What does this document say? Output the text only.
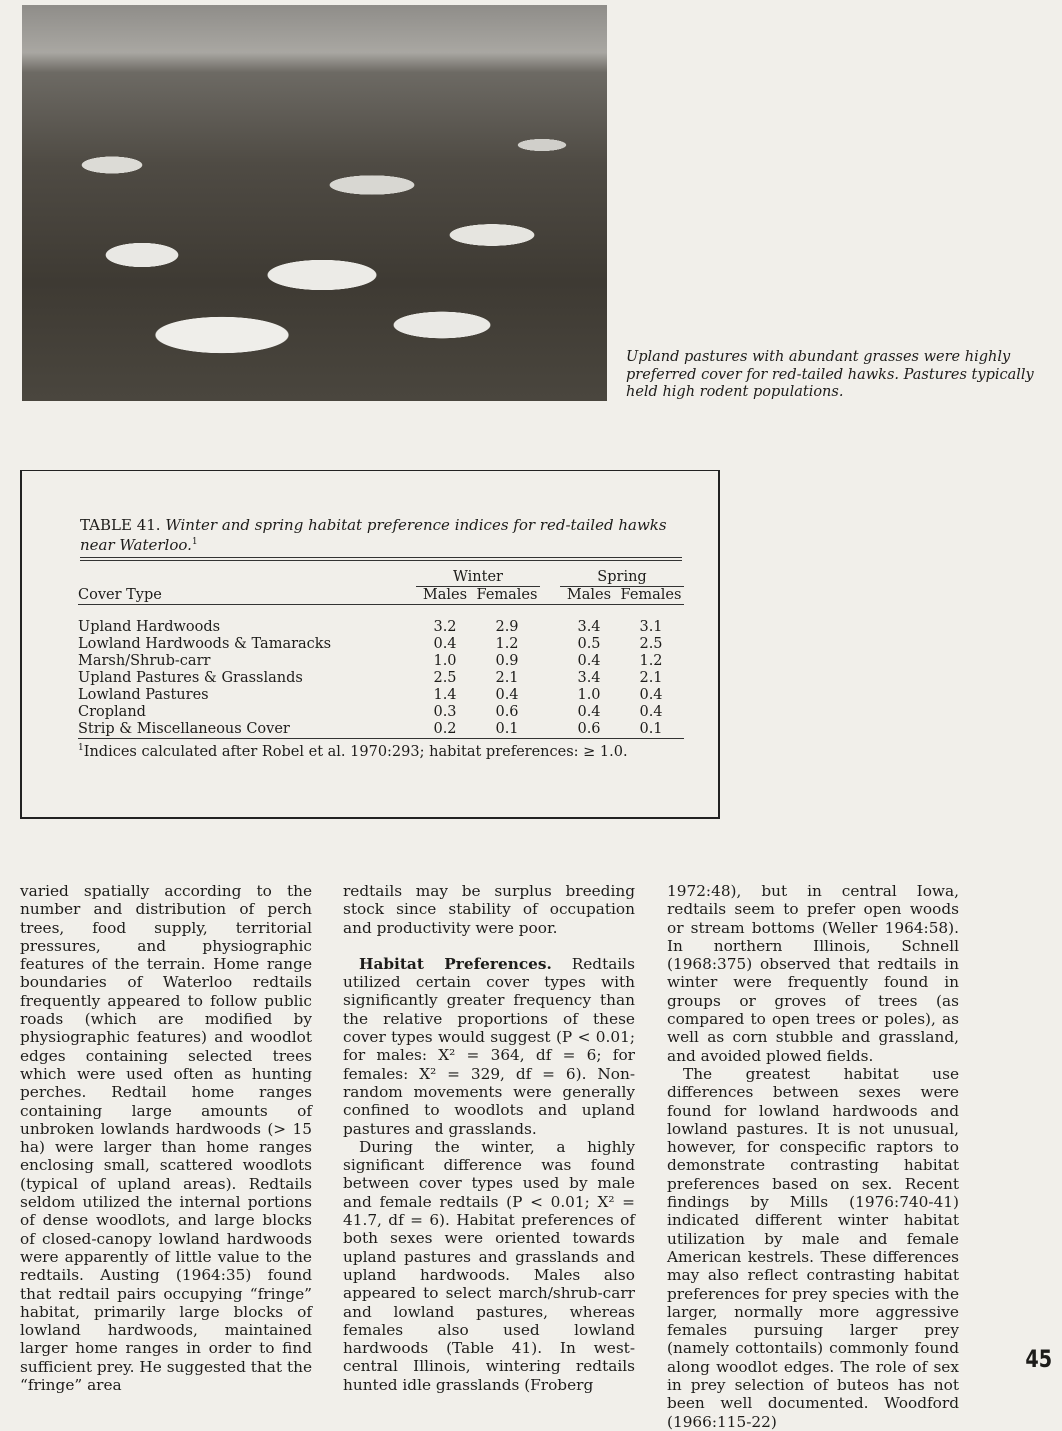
Upland pastures with abundant grasses were highly preferred cover for red-tailed hawks. Pastures typically held high rodent populations.
TABLE 41. Winter and spring habitat preference indices for red-tailed hawks near Waterloo.$^1$
	Winter			Spring	
Cover Type	Males	Females		Males	Females

Upland Hardwoods	3.2	2.9		3.4	3.1
Lowland Hardwoods & Tamaracks	0.4	1.2		0.5	2.5
Marsh/Shrub-carr	1.0	0.9		0.4	1.2
Upland Pastures & Grasslands	2.5	2.1		3.4	2.1
Lowland Pastures	1.4	0.4		1.0	0.4
Cropland	0.3	0.6		0.4	0.4
Strip & Miscellaneous Cover	0.2	0.1		0.6	0.1
$^1$Indices calculated after Robel et al. 1970:293; habitat preferences: ≥ 1.0.

varied spatially according to the number and distribution of perch trees, food supply, territorial pressures, and physiographic features of the terrain. Home range boundaries of Waterloo redtails frequently appeared to follow public roads (which are modified by physiographic features) and woodlot edges containing selected trees which were used often as hunting perches. Redtail home ranges containing large amounts of unbroken lowlands hardwoods (> 15 ha) were larger than home ranges enclosing small, scattered woodlots (typical of upland areas). Redtails seldom utilized the internal portions of dense woodlots, and large blocks of closed-canopy lowland hardwoods were apparently of little value to the redtails. Austing (1964:35) found that redtail pairs occupying “fringe” habitat, primarily large blocks of lowland hardwoods, maintained larger home ranges in order to find sufficient prey. He suggested that the “fringe” area

redtails may be surplus breeding stock since stability of occupation and productivity were poor.

Habitat Preferences. Redtails utilized certain cover types with significantly greater frequency than the relative proportions of these cover types would suggest (P < 0.01; for males: X² = 364, df = 6; for females: X² = 329, df = 6). Non-random movements were generally confined to woodlots and upland pastures and grasslands.

During the winter, a highly significant difference was found between cover types used by male and female redtails (P < 0.01; X² = 41.7, df = 6). Habitat preferences of both sexes were oriented towards upland pastures and grasslands and upland hardwoods. Males also appeared to select march/shrub-carr and lowland pastures, whereas females also used lowland hardwoods (Table 41). In west-central Illinois, wintering redtails hunted idle grasslands (Froberg

1972:48), but in central Iowa, redtails seem to prefer open woods or stream bottoms (Weller 1964:58). In northern Illinois, Schnell (1968:375) observed that redtails in winter were frequently found in groups or groves of trees (as compared to open trees or poles), as well as corn stubble and grassland, and avoided plowed fields.

The greatest habitat use differences between sexes were found for lowland hardwoods and lowland pastures. It is not unusual, however, for conspecific raptors to demonstrate contrasting habitat preferences based on sex. Recent findings by Mills (1976:740-41) indicated different winter habitat utilization by male and female American kestrels. These differences may also reflect contrasting habitat preferences for prey species with the larger, normally more aggressive females pursuing larger prey (namely cottontails) commonly found along woodlot edges. The role of sex in prey selection of buteos has not been well documented. Woodford (1966:115-22)

45
